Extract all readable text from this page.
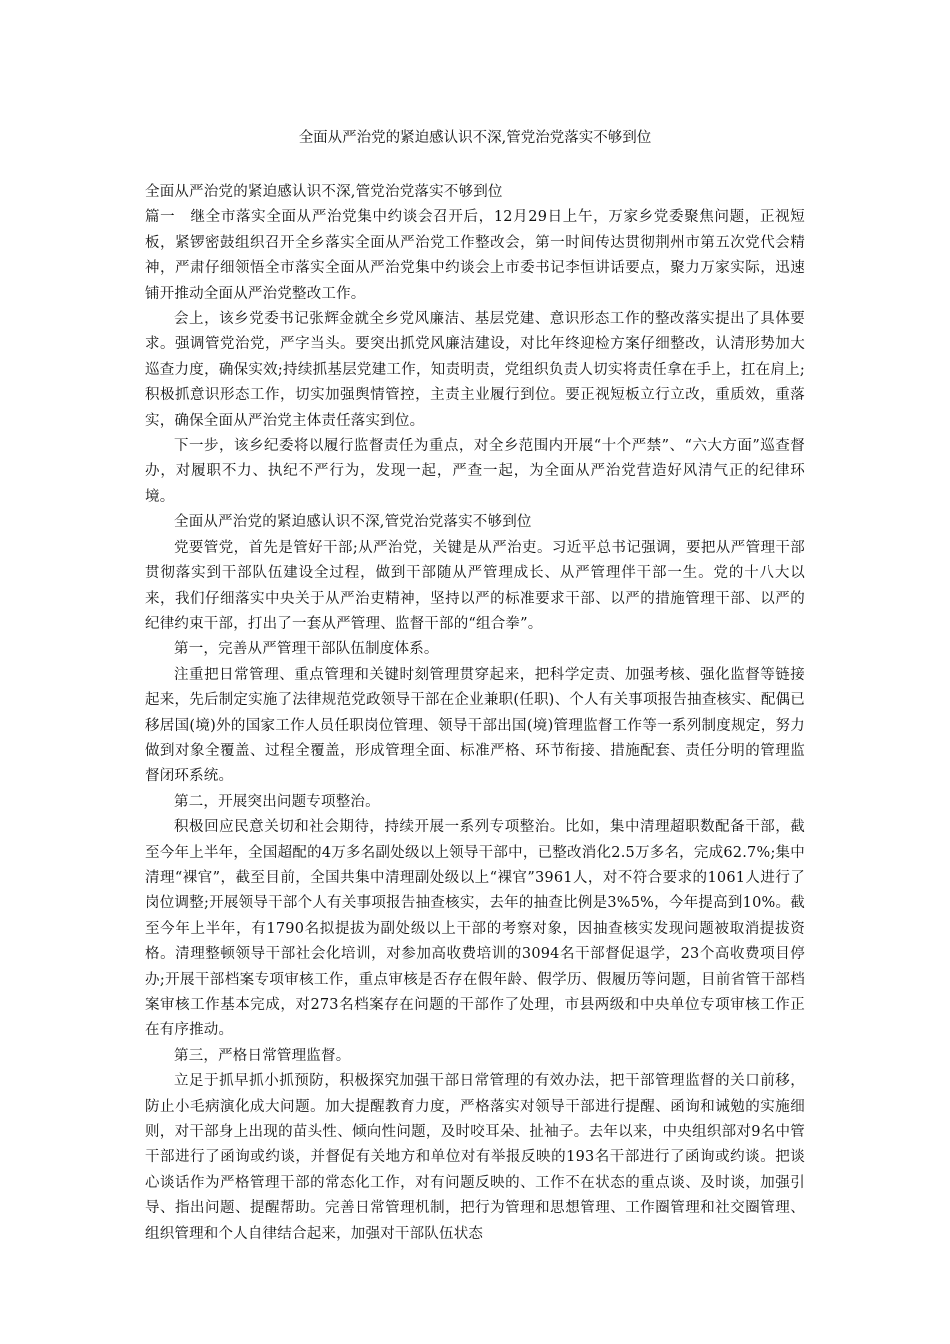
全面从严治党的紧迫感认识不深,管党治党落实不够到位

全面从严治党的紧迫感认识不深,管党治党落实不够到位

篇一　继全市落实全面从严治党集中约谈会召开后，12月29日上午，万家乡党委聚焦问题，正视短板，紧锣密鼓组织召开全乡落实全面从严治党工作整改会，第一时间传达贯彻荆州市第五次党代会精神，严肃仔细领悟全市落实全面从严治党集中约谈会上市委书记李恒讲话要点，聚力万家实际，迅速铺开推动全面从严治党整改工作。

会上，该乡党委书记张辉金就全乡党风廉洁、基层党建、意识形态工作的整改落实提出了具体要求。强调管党治党，严字当头。要突出抓党风廉洁建设，对比年终迎检方案仔细整改，认清形势加大巡查力度，确保实效;持续抓基层党建工作，知责明责，党组织负责人切实将责任拿在手上，扛在肩上;积极抓意识形态工作，切实加强舆情管控，主责主业履行到位。要正视短板立行立改，重质效，重落实，确保全面从严治党主体责任落实到位。

下一步，该乡纪委将以履行监督责任为重点，对全乡范围内开展“十个严禁”、“六大方面”巡查督办，对履职不力、执纪不严行为，发现一起，严查一起，为全面从严治党营造好风清气正的纪律环境。

全面从严治党的紧迫感认识不深,管党治党落实不够到位

党要管党，首先是管好干部;从严治党，关键是从严治吏。习近平总书记强调，要把从严管理干部贯彻落实到干部队伍建设全过程，做到干部随从严管理成长、从严管理伴干部一生。党的十八大以来，我们仔细落实中央关于从严治吏精神，坚持以严的标准要求干部、以严的措施管理干部、以严的纪律约束干部，打出了一套从严管理、监督干部的“组合拳”。

第一，完善从严管理干部队伍制度体系。

注重把日常管理、重点管理和关键时刻管理贯穿起来，把科学定责、加强考核、强化监督等链接起来，先后制定实施了法律规范党政领导干部在企业兼职(任职)、个人有关事项报告抽查核实、配偶已移居国(境)外的国家工作人员任职岗位管理、领导干部出国(境)管理监督工作等一系列制度规定，努力做到对象全覆盖、过程全覆盖，形成管理全面、标准严格、环节衔接、措施配套、责任分明的管理监督闭环系统。

第二，开展突出问题专项整治。

积极回应民意关切和社会期待，持续开展一系列专项整治。比如，集中清理超职数配备干部，截至今年上半年，全国超配的4万多名副处级以上领导干部中，已整改消化2.5万多名，完成62.7%;集中清理“裸官”，截至目前，全国共集中清理副处级以上“裸官”3961人，对不符合要求的1061人进行了岗位调整;开展领导干部个人有关事项报告抽查核实，去年的抽查比例是3%5%，今年提高到10%。截至今年上半年，有1790名拟提拔为副处级以上干部的考察对象，因抽查核实发现问题被取消提拔资格。清理整顿领导干部社会化培训，对参加高收费培训的3094名干部督促退学，23个高收费项目停办;开展干部档案专项审核工作，重点审核是否存在假年龄、假学历、假履历等问题，目前省管干部档案审核工作基本完成，对273名档案存在问题的干部作了处理，市县两级和中央单位专项审核工作正在有序推动。

第三，严格日常管理监督。

立足于抓早抓小抓预防，积极探究加强干部日常管理的有效办法，把干部管理监督的关口前移，防止小毛病演化成大问题。加大提醒教育力度，严格落实对领导干部进行提醒、函询和诫勉的实施细则，对干部身上出现的苗头性、倾向性问题，及时咬耳朵、扯袖子。去年以来，中央组织部对9名中管干部进行了函询或约谈，并督促有关地方和单位对有举报反映的193名干部进行了函询或约谈。把谈心谈话作为严格管理干部的常态化工作，对有问题反映的、工作不在状态的重点谈、及时谈，加强引导、指出问题、提醒帮助。完善日常管理机制，把行为管理和思想管理、工作圈管理和社交圈管理、组织管理和个人自律结合起来，加强对干部队伍状态
